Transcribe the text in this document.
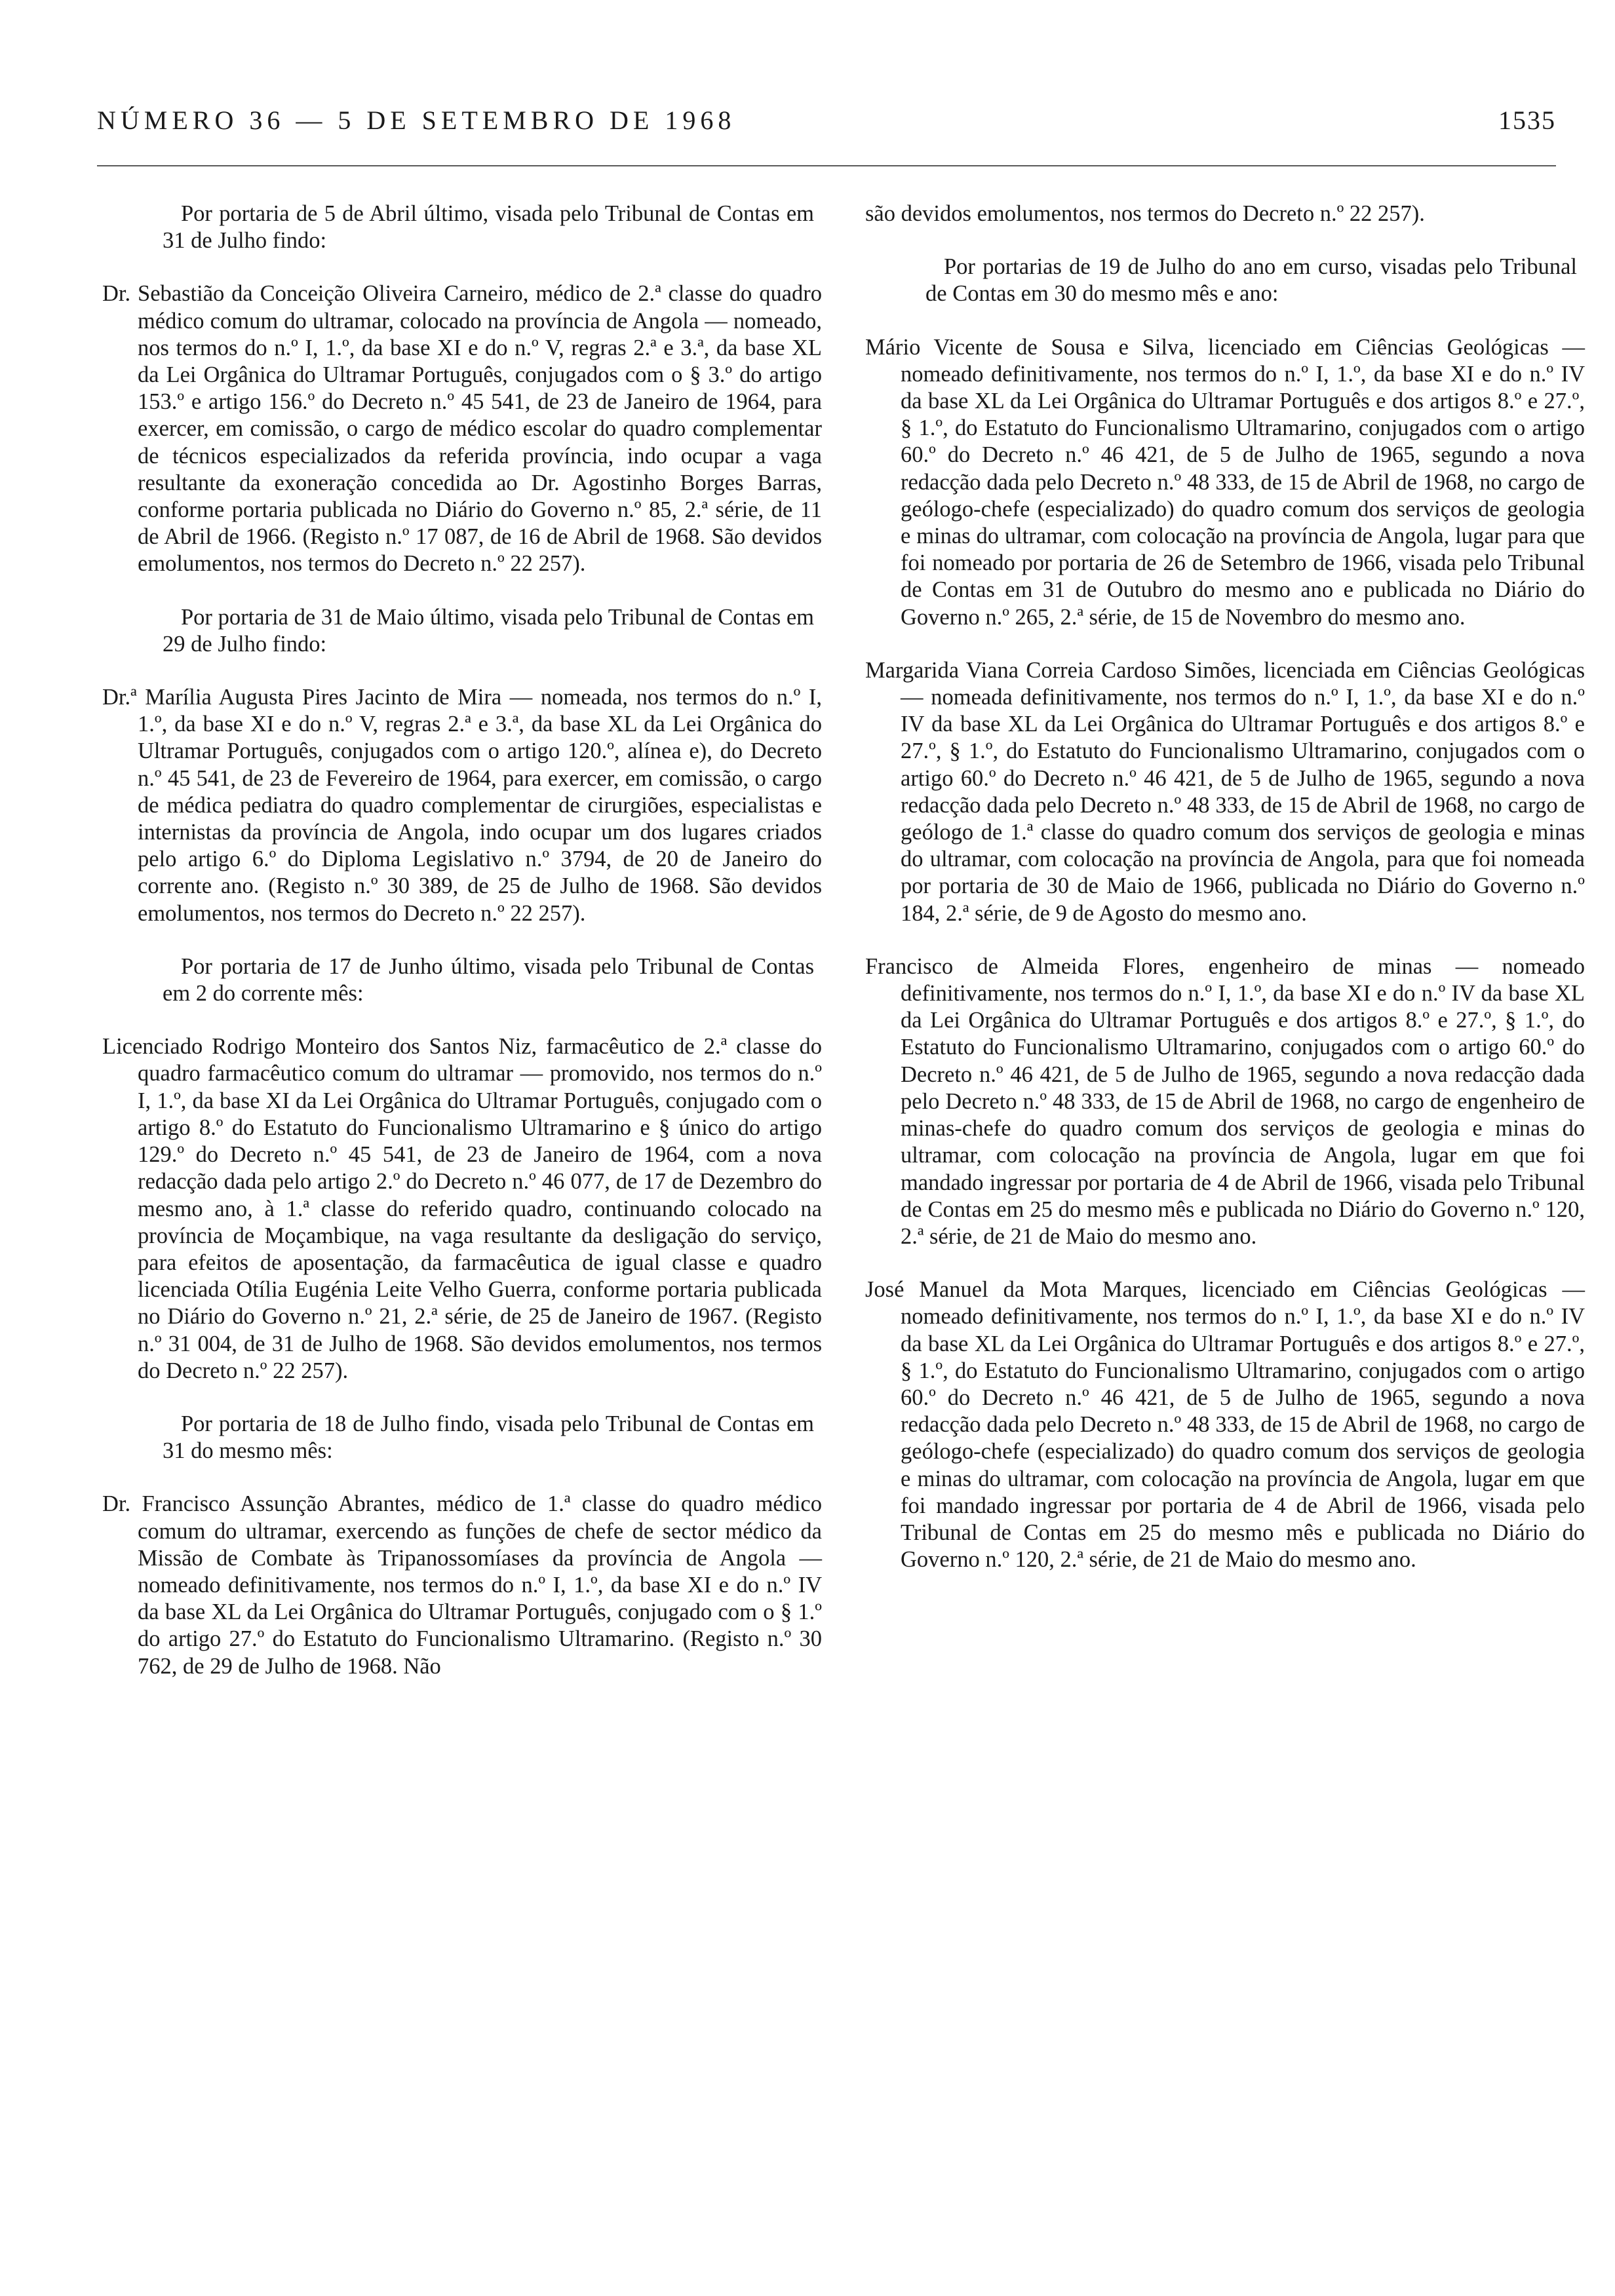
NÚMERO 36 — 5 DE SETEMBRO DE 1968	1535

Por portaria de 5 de Abril último, visada pelo Tribunal de Contas em 31 de Julho findo:

Dr. Sebastião da Conceição Oliveira Carneiro, médico de 2.ª classe do quadro médico comum do ultramar, colocado na província de Angola — nomeado, nos termos do n.º I, 1.º, da base XI e do n.º V, regras 2.ª e 3.ª, da base XL da Lei Orgânica do Ultramar Português, conjugados com o § 3.º do artigo 153.º e artigo 156.º do Decreto n.º 45 541, de 23 de Janeiro de 1964, para exercer, em comissão, o cargo de médico escolar do quadro complementar de técnicos especializados da referida província, indo ocupar a vaga resultante da exoneração concedida ao Dr. Agostinho Borges Barras, conforme portaria publicada no Diário do Governo n.º 85, 2.ª série, de 11 de Abril de 1966. (Registo n.º 17 087, de 16 de Abril de 1968. São devidos emolumentos, nos termos do Decreto n.º 22 257).

Por portaria de 31 de Maio último, visada pelo Tribunal de Contas em 29 de Julho findo:

Dr.ª Marília Augusta Pires Jacinto de Mira — nomeada, nos termos do n.º I, 1.º, da base XI e do n.º V, regras 2.ª e 3.ª, da base XL da Lei Orgânica do Ultramar Português, conjugados com o artigo 120.º, alínea e), do Decreto n.º 45 541, de 23 de Fevereiro de 1964, para exercer, em comissão, o cargo de médica pediatra do quadro complementar de cirurgiões, especialistas e internistas da província de Angola, indo ocupar um dos lugares criados pelo artigo 6.º do Diploma Legislativo n.º 3794, de 20 de Janeiro do corrente ano. (Registo n.º 30 389, de 25 de Julho de 1968. São devidos emolumentos, nos termos do Decreto n.º 22 257).

Por portaria de 17 de Junho último, visada pelo Tribunal de Contas em 2 do corrente mês:

Licenciado Rodrigo Monteiro dos Santos Niz, farmacêutico de 2.ª classe do quadro farmacêutico comum do ultramar — promovido, nos termos do n.º I, 1.º, da base XI da Lei Orgânica do Ultramar Português, conjugado com o artigo 8.º do Estatuto do Funcionalismo Ultramarino e § único do artigo 129.º do Decreto n.º 45 541, de 23 de Janeiro de 1964, com a nova redacção dada pelo artigo 2.º do Decreto n.º 46 077, de 17 de Dezembro do mesmo ano, à 1.ª classe do referido quadro, continuando colocado na província de Moçambique, na vaga resultante da desligação do serviço, para efeitos de aposentação, da farmacêutica de igual classe e quadro licenciada Otília Eugénia Leite Velho Guerra, conforme portaria publicada no Diário do Governo n.º 21, 2.ª série, de 25 de Janeiro de 1967. (Registo n.º 31 004, de 31 de Julho de 1968. São devidos emolumentos, nos termos do Decreto n.º 22 257).

Por portaria de 18 de Julho findo, visada pelo Tribunal de Contas em 31 do mesmo mês:

Dr. Francisco Assunção Abrantes, médico de 1.ª classe do quadro médico comum do ultramar, exercendo as funções de chefe de sector médico da Missão de Combate às Tripanossomíases da província de Angola — nomeado definitivamente, nos termos do n.º I, 1.º, da base XI e do n.º IV da base XL da Lei Orgânica do Ultramar Português, conjugado com o § 1.º do artigo 27.º do Estatuto do Funcionalismo Ultramarino. (Registo n.º 30 762, de 29 de Julho de 1968. Não

são devidos emolumentos, nos termos do Decreto n.º 22 257).

Por portarias de 19 de Julho do ano em curso, visadas pelo Tribunal de Contas em 30 do mesmo mês e ano:

Mário Vicente de Sousa e Silva, licenciado em Ciências Geológicas — nomeado definitivamente, nos termos do n.º I, 1.º, da base XI e do n.º IV da base XL da Lei Orgânica do Ultramar Português e dos artigos 8.º e 27.º, § 1.º, do Estatuto do Funcionalismo Ultramarino, conjugados com o artigo 60.º do Decreto n.º 46 421, de 5 de Julho de 1965, segundo a nova redacção dada pelo Decreto n.º 48 333, de 15 de Abril de 1968, no cargo de geólogo-chefe (especializado) do quadro comum dos serviços de geologia e minas do ultramar, com colocação na província de Angola, lugar para que foi nomeado por portaria de 26 de Setembro de 1966, visada pelo Tribunal de Contas em 31 de Outubro do mesmo ano e publicada no Diário do Governo n.º 265, 2.ª série, de 15 de Novembro do mesmo ano.

Margarida Viana Correia Cardoso Simões, licenciada em Ciências Geológicas — nomeada definitivamente, nos termos do n.º I, 1.º, da base XI e do n.º IV da base XL da Lei Orgânica do Ultramar Português e dos artigos 8.º e 27.º, § 1.º, do Estatuto do Funcionalismo Ultramarino, conjugados com o artigo 60.º do Decreto n.º 46 421, de 5 de Julho de 1965, segundo a nova redacção dada pelo Decreto n.º 48 333, de 15 de Abril de 1968, no cargo de geólogo de 1.ª classe do quadro comum dos serviços de geologia e minas do ultramar, com colocação na província de Angola, para que foi nomeada por portaria de 30 de Maio de 1966, publicada no Diário do Governo n.º 184, 2.ª série, de 9 de Agosto do mesmo ano.

Francisco de Almeida Flores, engenheiro de minas — nomeado definitivamente, nos termos do n.º I, 1.º, da base XI e do n.º IV da base XL da Lei Orgânica do Ultramar Português e dos artigos 8.º e 27.º, § 1.º, do Estatuto do Funcionalismo Ultramarino, conjugados com o artigo 60.º do Decreto n.º 46 421, de 5 de Julho de 1965, segundo a nova redacção dada pelo Decreto n.º 48 333, de 15 de Abril de 1968, no cargo de engenheiro de minas-chefe do quadro comum dos serviços de geologia e minas do ultramar, com colocação na província de Angola, lugar em que foi mandado ingressar por portaria de 4 de Abril de 1966, visada pelo Tribunal de Contas em 25 do mesmo mês e publicada no Diário do Governo n.º 120, 2.ª série, de 21 de Maio do mesmo ano.

José Manuel da Mota Marques, licenciado em Ciências Geológicas — nomeado definitivamente, nos termos do n.º I, 1.º, da base XI e do n.º IV da base XL da Lei Orgânica do Ultramar Português e dos artigos 8.º e 27.º, § 1.º, do Estatuto do Funcionalismo Ultramarino, conjugados com o artigo 60.º do Decreto n.º 46 421, de 5 de Julho de 1965, segundo a nova redacção dada pelo Decreto n.º 48 333, de 15 de Abril de 1968, no cargo de geólogo-chefe (especializado) do quadro comum dos serviços de geologia e minas do ultramar, com colocação na província de Angola, lugar em que foi mandado ingressar por portaria de 4 de Abril de 1966, visada pelo Tribunal de Contas em 25 do mesmo mês e publicada no Diário do Governo n.º 120, 2.ª série, de 21 de Maio do mesmo ano.
